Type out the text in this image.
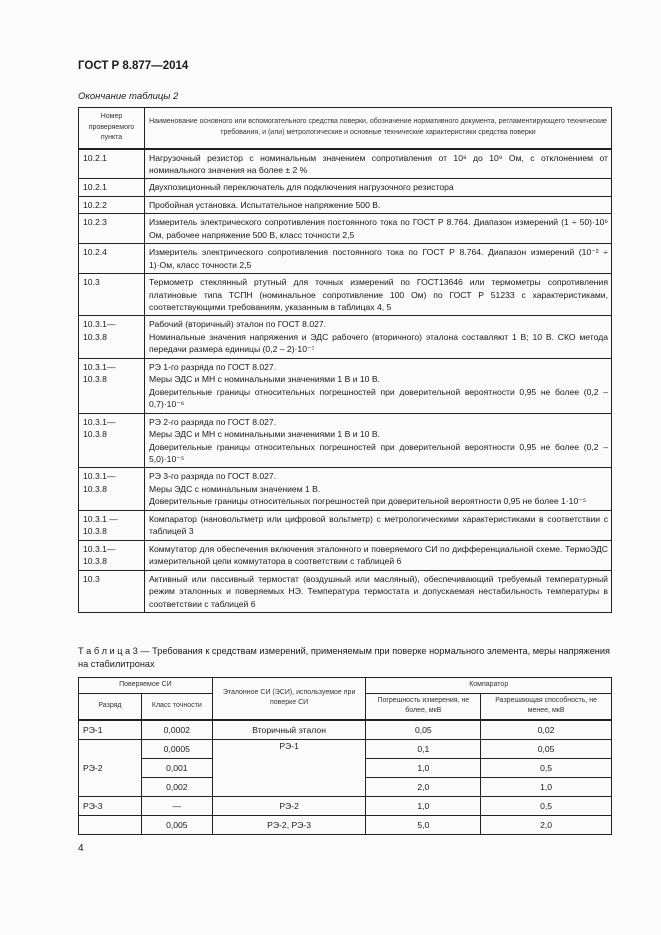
ГОСТ Р 8.877—2014
Окончание таблицы 2
Номер проверяемого пункта	Наименование основного или вспомогательного средства поверки, обозначение нормативного документа, регламентирующего технические требования, и (или) метрологические и основные технические характеристики средства поверки
10.2.1	Нагрузочный резистор с номинальным значением сопротивления от 10⁸ до 10⁹ Ом, с отклонением от номинального значения на более ± 2 %
10.2.1	Двухпозиционный переключатель для подключения нагрузочного резистора
10.2.2	Пробойная установка. Испытательное напряжение 500 В.
10.2.3	Измеритель электрического сопротивления постоянного тока по ГОСТ Р 8.764. Диапазон измерений (1 ÷ 50)·10⁶ Ом, рабочее напряжение 500 В, класс точности 2,5
10.2.4	Измеритель электрического сопротивления постоянного тока по ГОСТ Р 8.764. Диапазон измерений (10⁻² ÷ 1)·Ом, класс точности 2,5
10.3	Термометр стеклянный ртутный для точных измерений по ГОСТ13646 или термометры сопротивления платиновые типа ТСПН (номинальное сопротивление 100 Ом) по ГОСТ Р 51233 с характеристиками, соответствующими требованиям, указанным в таблицах 4, 5
10.3.1—
10.3.8	Рабочий (вторичный) эталон по ГОСТ 8.027.
Номинальные значения напряжения и ЭДС рабочего (вторичного) эталона составляют 1 В; 10 В. СКО метода передачи размера единицы (0,2 – 2)·10⁻⁷
10.3.1—
10.3.8	РЭ 1-го разряда по ГОСТ 8.027.
Меры ЭДС и МН с номинальными значениями 1 В и 10 В.
Доверительные границы относительных погрешностей при доверительной вероятности 0,95 не более (0,2 – 0,7)·10⁻⁶
10.3.1—
10.3.8	РЭ 2-го разряда по ГОСТ 8.027.
Меры ЭДС и МН с номинальными значениями 1 В и 10 В.
Доверительные границы относительных погрешностей при доверительной вероятности 0,95 не более (0,2 – 5,0)·10⁻⁵
10.3.1—
10.3.8	РЭ 3-го разряда по ГОСТ 8.027.
Меры ЭДС с номинальным значением 1 В.
Доверительные границы относительных погрешностей при доверительной вероятности 0,95 не более 1·10⁻⁵
10.3.1 —
10.3.8	Компаратор (нановольтметр или цифровой вольтметр) с метрологическими характеристиками в соответствии с таблицей 3
10.3.1—
10.3.8	Коммутатор для обеспечения включения эталонного и поверяемого СИ по дифференциальной схеме. ТермоЭДС измерительной цепи коммутатора в соответствии с таблицей 6
10.3	Активный или пассивный термостат (воздушный или масляный), обеспечивающий требуемый температурный режим эталонных и поверяемых НЭ. Температура термостата и допускаемая нестабильность температуры в соответствии с таблицей 6
Т а б л и ц а 3 — Требования к средствам измерений, применяемым при поверке нормального элемента, меры напряжения на стабилитронах
Поверяемое СИ		Эталонное СИ (ЭСИ), используемое при поверке СИ	Компаратор	
Разряд	Класс точности		Погрешность измерения, не более, мкВ	Разрешающая способность, не менее, мкВ
РЭ-1	0,0002	Вторичный эталон	0,05	0,02
РЭ-2	0,0005	РЭ-1	0,1	0,05
	0,001		1,0	0,5
	0,002		2,0	1,0
РЭ-3	—	РЭ-2	1,0	0,5
	0,005	РЭ-2, РЭ-3	5,0	2,0
4
